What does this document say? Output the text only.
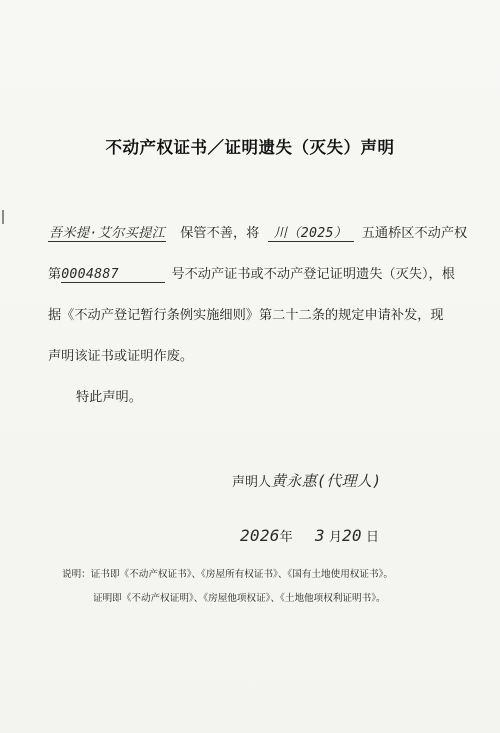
不动产权证书／证明遗失（灭失）声明
吾米提·艾尔买提江 保管不善，将 川（2025） 五通桥区不动产权
第0004887	号不动产证书或不动产登记证明遗失（灭失），根
据《不动产登记暂行条例实施细则》第二十二条的规定申请补发，现
声明该证书或证明作废。
特此声明。
声明人黄永惠(代理人)
2026年 3 月20 日
说明：证书即《不动产权证书》、《房屋所有权证书》、《国有土地使用权证书》。
证明即《不动产权证明》、《房屋他项权证》、《土地他项权利证明书》。
